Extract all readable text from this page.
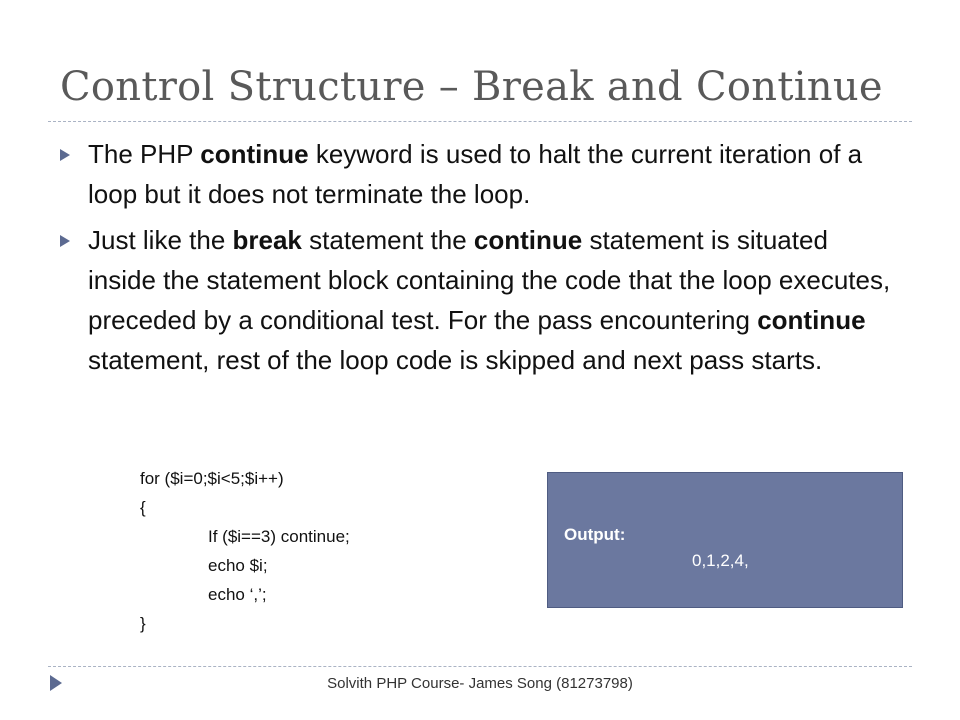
Control Structure – Break and Continue
The PHP continue keyword is used to halt the current iteration of a loop but it does not terminate the loop.
Just like the break statement the continue statement is situated inside the statement block containing the code that the loop executes, preceded by a conditional test. For the pass encountering continue statement, rest of the loop code is skipped and next pass starts.
for ($i=0;$i<5;$i++)
{
If ($i==3) continue;
echo $i;
echo ‘,’;
}
Output:
0,1,2,4,
Solvith PHP Course- James Song (81273798)
